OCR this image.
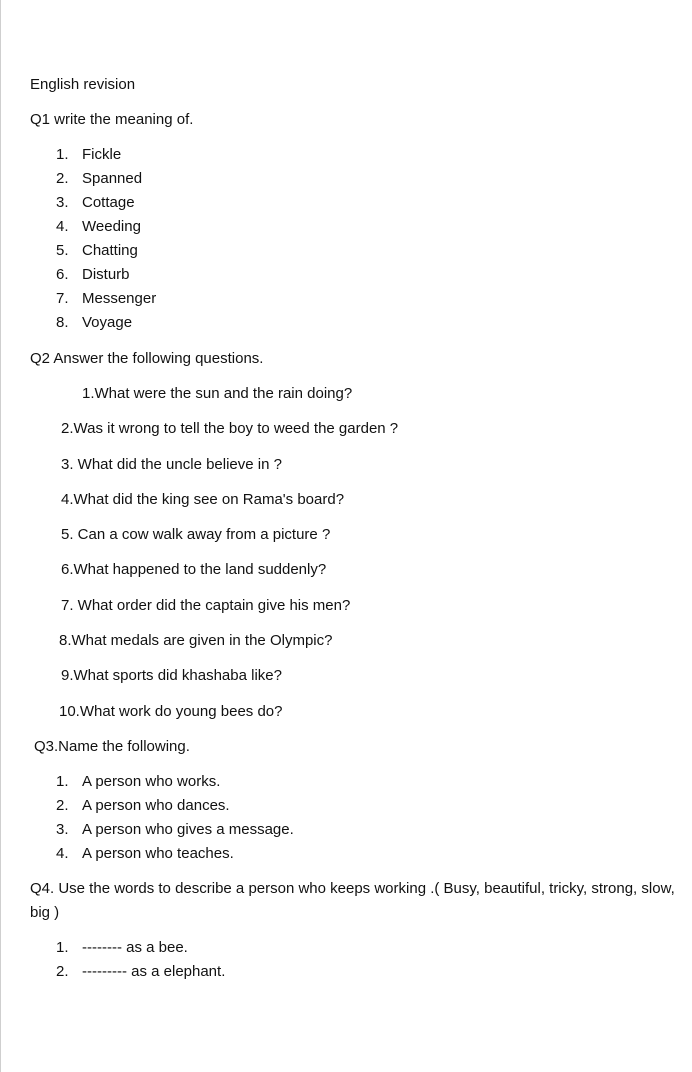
English revision
Q1 write the meaning of.
1. Fickle
2. Spanned
3. Cottage
4. Weeding
5. Chatting
6. Disturb
7. Messenger
8. Voyage
Q2 Answer the following questions.
1.What were the sun and the rain doing?
2.Was it wrong to tell the boy to weed the garden ?
3. What did the uncle believe in ?
4.What did the king see on Rama's board?
5. Can a cow walk away from a picture ?
6.What happened to the land suddenly?
7. What order did the captain give his men?
8.What medals are given in the Olympic?
9.What sports did khashaba like?
10.What work do young bees do?
Q3.Name the following.
1. A person who works.
2. A person who dances.
3. A person who gives a message.
4. A person who teaches.
Q4. Use the words to describe a person who keeps working .( Busy, beautiful, tricky, strong, slow, big )
1. -------- as a bee.
2. --------- as a elephant.
